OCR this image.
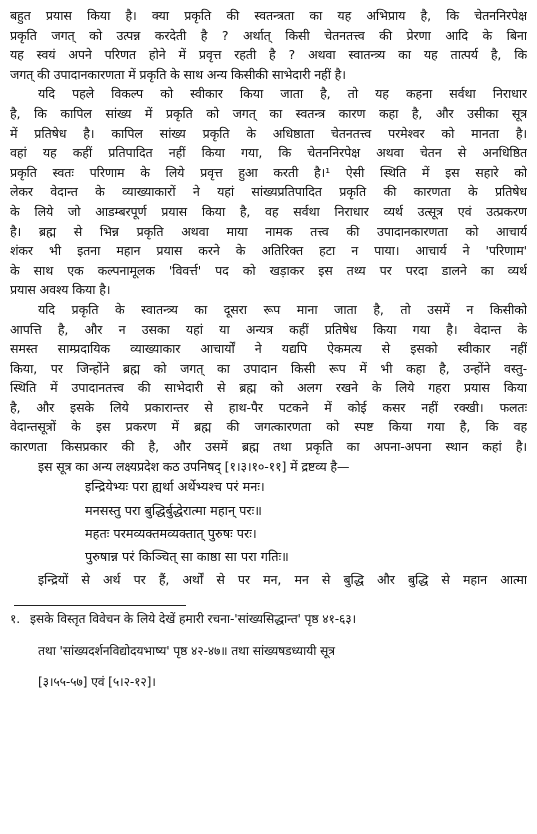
बहुत प्रयास किया है। क्या प्रकृति की स्वतन्त्रता का यह अभिप्राय है, कि चेतननिरपेक्ष

प्रकृति जगत् को उत्पन्न करदेती है ? अर्थात् किसी चेतनतत्त्व की प्रेरणा आदि के बिना

यह स्वयं अपने परिणत होने में प्रवृत्त रहती है ? अथवा स्वातन्त्र्य का यह तात्पर्य है, कि

जगत् की उपादानकारणता में प्रकृति के साथ अन्य किसीकी साभेदारी नहीं है।

यदि पहले विकल्प को स्वीकार किया जाता है, तो यह कहना सर्वथा निराधार

है, कि कापिल सांख्य में प्रकृति को जगत् का स्वतन्त्र कारण कहा है, और उसीका सूत्र

में प्रतिषेध है। कापिल सांख्य प्रकृति के अधिष्ठाता चेतनतत्त्व परमेश्वर को मानता है।

वहां यह कहीं प्रतिपादित नहीं किया गया, कि चेतननिरपेक्ष अथवा चेतन से अनधिष्ठित

प्रकृति स्वतः परिणाम के लिये प्रवृत्त हुआ करती है।¹ ऐसी स्थिति में इस सहारे को

लेकर वेदान्त के व्याख्याकारों ने यहां सांख्यप्रतिपादित प्रकृति की कारणता के प्रतिषेध

के लिये जो आडम्बरपूर्ण प्रयास किया है, वह सर्वथा निराधार व्यर्थ उत्सूत्र एवं उत्प्रकरण

है। ब्रह्म से भिन्न प्रकृति अथवा माया नामक तत्त्व की उपादानकारणता को आचार्य

शंकर भी इतना महान प्रयास करने के अतिरिक्त हटा न पाया। आचार्य ने 'परिणाम'

के साथ एक कल्पनामूलक 'विवर्त्त' पद को खड़ाकर इस तथ्य पर परदा डालने का व्यर्थ

प्रयास अवश्य किया है।

यदि प्रकृति के स्वातन्त्र्य का दूसरा रूप माना जाता है, तो उसमें न किसीको

आपत्ति है, और न उसका यहां या अन्यत्र कहीं प्रतिषेध किया गया है। वेदान्त के

समस्त साम्प्रदायिक व्याख्याकार आचार्यों ने यद्यपि ऐकमत्य से इसको स्वीकार नहीं

किया, पर जिन्होंने ब्रह्म को जगत् का उपादान किसी रूप में भी कहा है, उन्होंने वस्तु-

स्थिति में उपादानतत्त्व की साभेदारी से ब्रह्म को अलग रखने के लिये गहरा प्रयास किया

है, और इसके लिये प्रकारान्तर से हाथ-पैर पटकने में कोई कसर नहीं रक्खी। फलतः

वेदान्तसूत्रों के इस प्रकरण में ब्रह्म की जगत्कारणता को स्पष्ट किया गया है, कि वह

कारणता किसप्रकार की है, और उसमें ब्रह्म तथा प्रकृति का अपना-अपना स्थान कहां है।

इस सूत्र का अन्य लक्ष्यप्रदेश कठ उपनिषद् [१।३।१०-११] में द्रष्टव्य है—

इन्द्रियेभ्यः परा ह्यर्था अर्थेभ्यश्च परं मनः।

मनसस्तु परा बुद्धिर्बुद्धेरात्मा महान् परः॥

महतः परमव्यक्तमव्यक्तात् पुरुषः परः।

पुरुषान्न परं किञ्चित् सा काष्ठा सा परा गतिः॥

इन्द्रियों से अर्थ पर हैं, अर्थों से पर मन, मन से बुद्धि और बुद्धि से महान आत्मा

१. इसके विस्तृत विवेचन के लिये देखें हमारी रचना-'सांख्यसिद्धान्त' पृष्ठ ४१-६३।

तथा 'सांख्यदर्शनविद्योदयभाष्य' पृष्ठ ४२-४७॥ तथा सांख्यषडध्यायी सूत्र

[३।५५-५७] एवं [५।२-१२]।
